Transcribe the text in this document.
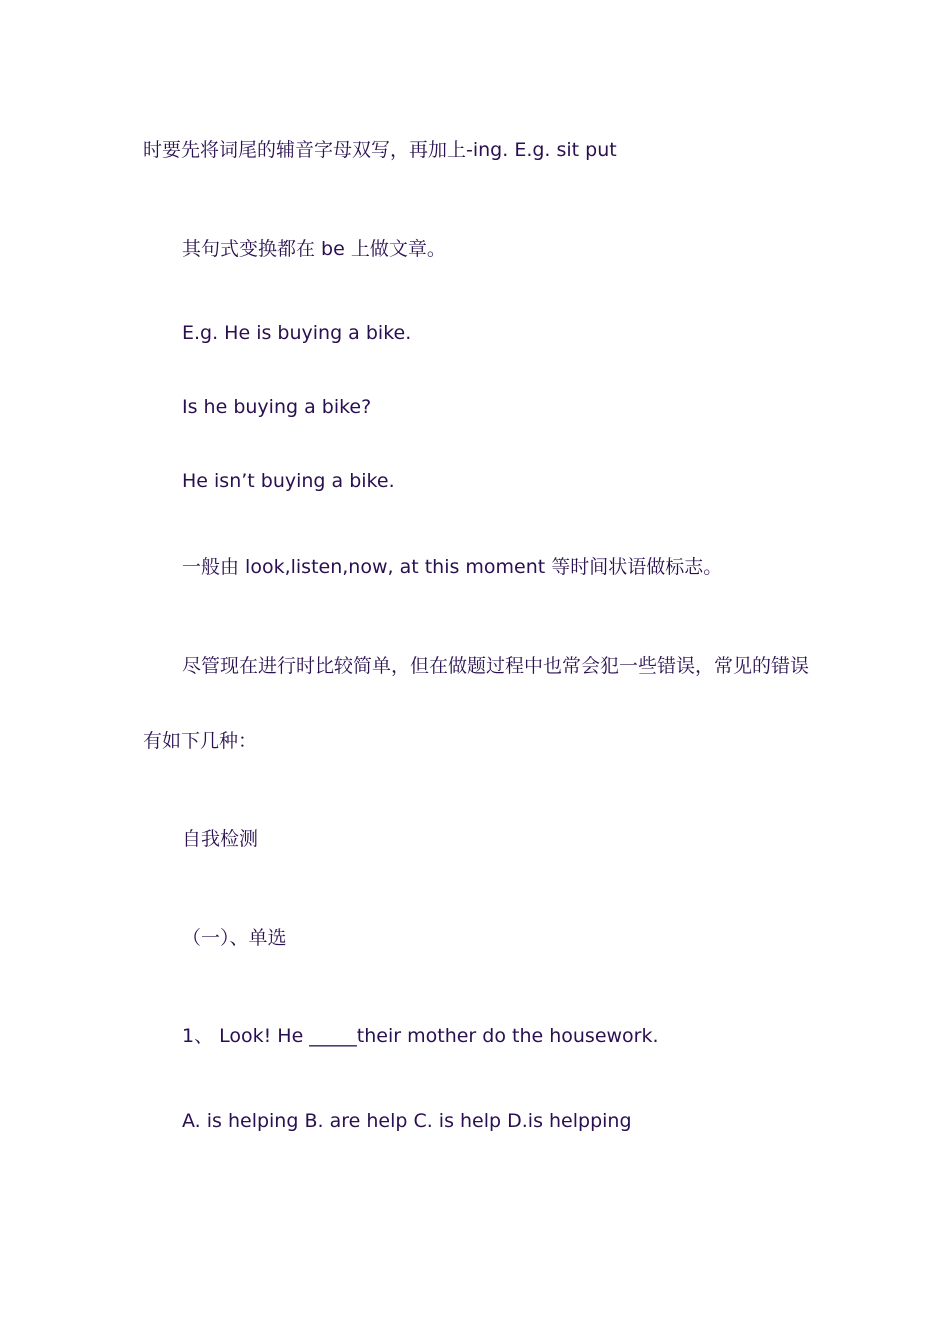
时要先将词尾的辅音字母双写，再加上-ing. E.g. sit put

其句式变换都在 be 上做文章。

E.g. He is buying a bike.

Is he buying a bike?

He isn’t buying a bike.

一般由 look,listen,now, at this moment 等时间状语做标志。

尽管现在进行时比较简单，但在做题过程中也常会犯一些错误，常见的错误

有如下几种：

自我检测

（一）、单选

1、 Look! He _____their mother do the housework.

A. is helping B. are help C. is help D.is helpping
